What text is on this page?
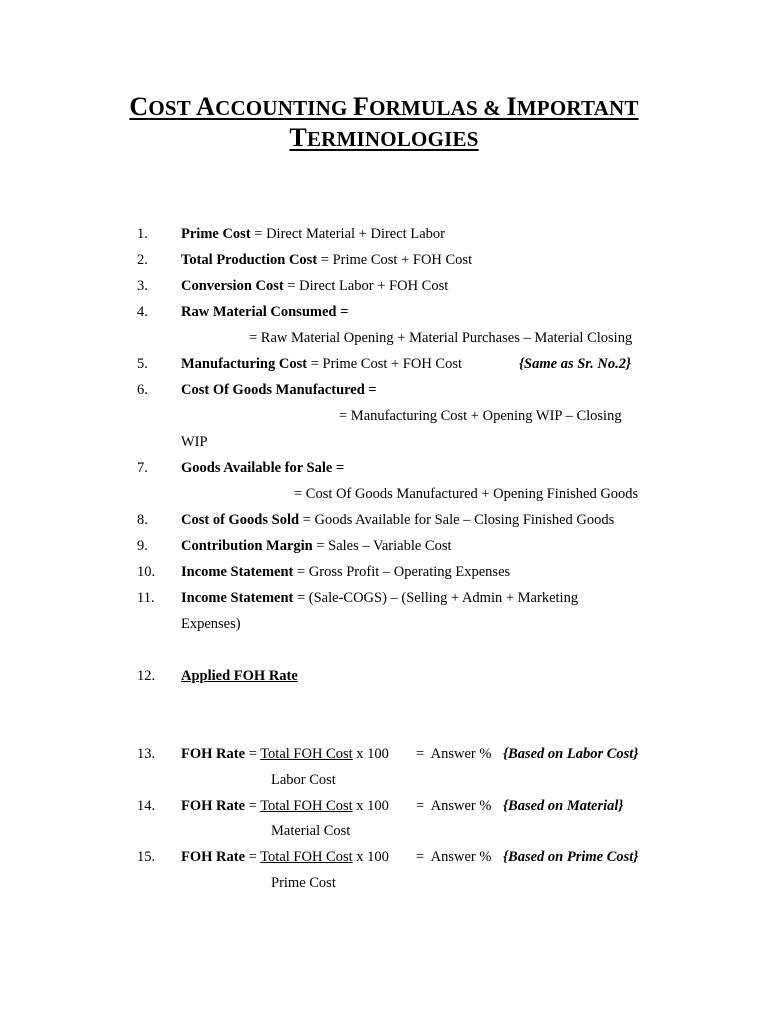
COST ACCOUNTING FORMULAS & IMPORTANT
TERMINOLOGIES
1. Prime Cost = Direct Material + Direct Labor
2. Total Production Cost = Prime Cost + FOH Cost
3. Conversion Cost = Direct Labor + FOH Cost
4. Raw Material Consumed =
= Raw Material Opening + Material Purchases – Material Closing
5. Manufacturing Cost = Prime Cost + FOH Cost	{Same as Sr. No.2}
6. Cost Of Goods Manufactured =
= Manufacturing Cost + Opening WIP – Closing
WIP
7. Goods Available for Sale =
= Cost Of Goods Manufactured + Opening Finished Goods
8. Cost of Goods Sold = Goods Available for Sale – Closing Finished Goods
9. Contribution Margin = Sales – Variable Cost
10. Income Statement = Gross Profit – Operating Expenses
11. Income Statement = (Sale-COGS) – (Selling + Admin + Marketing
Expenses)
12. Applied FOH Rate
13. FOH Rate = Total FOH Cost x 100 =  Answer % {Based on Labor Cost}
Labor Cost
14. FOH Rate = Total FOH Cost x 100 =  Answer % {Based on Material}
Material Cost
15. FOH Rate = Total FOH Cost x 100 =  Answer % {Based on Prime Cost}
Prime Cost
